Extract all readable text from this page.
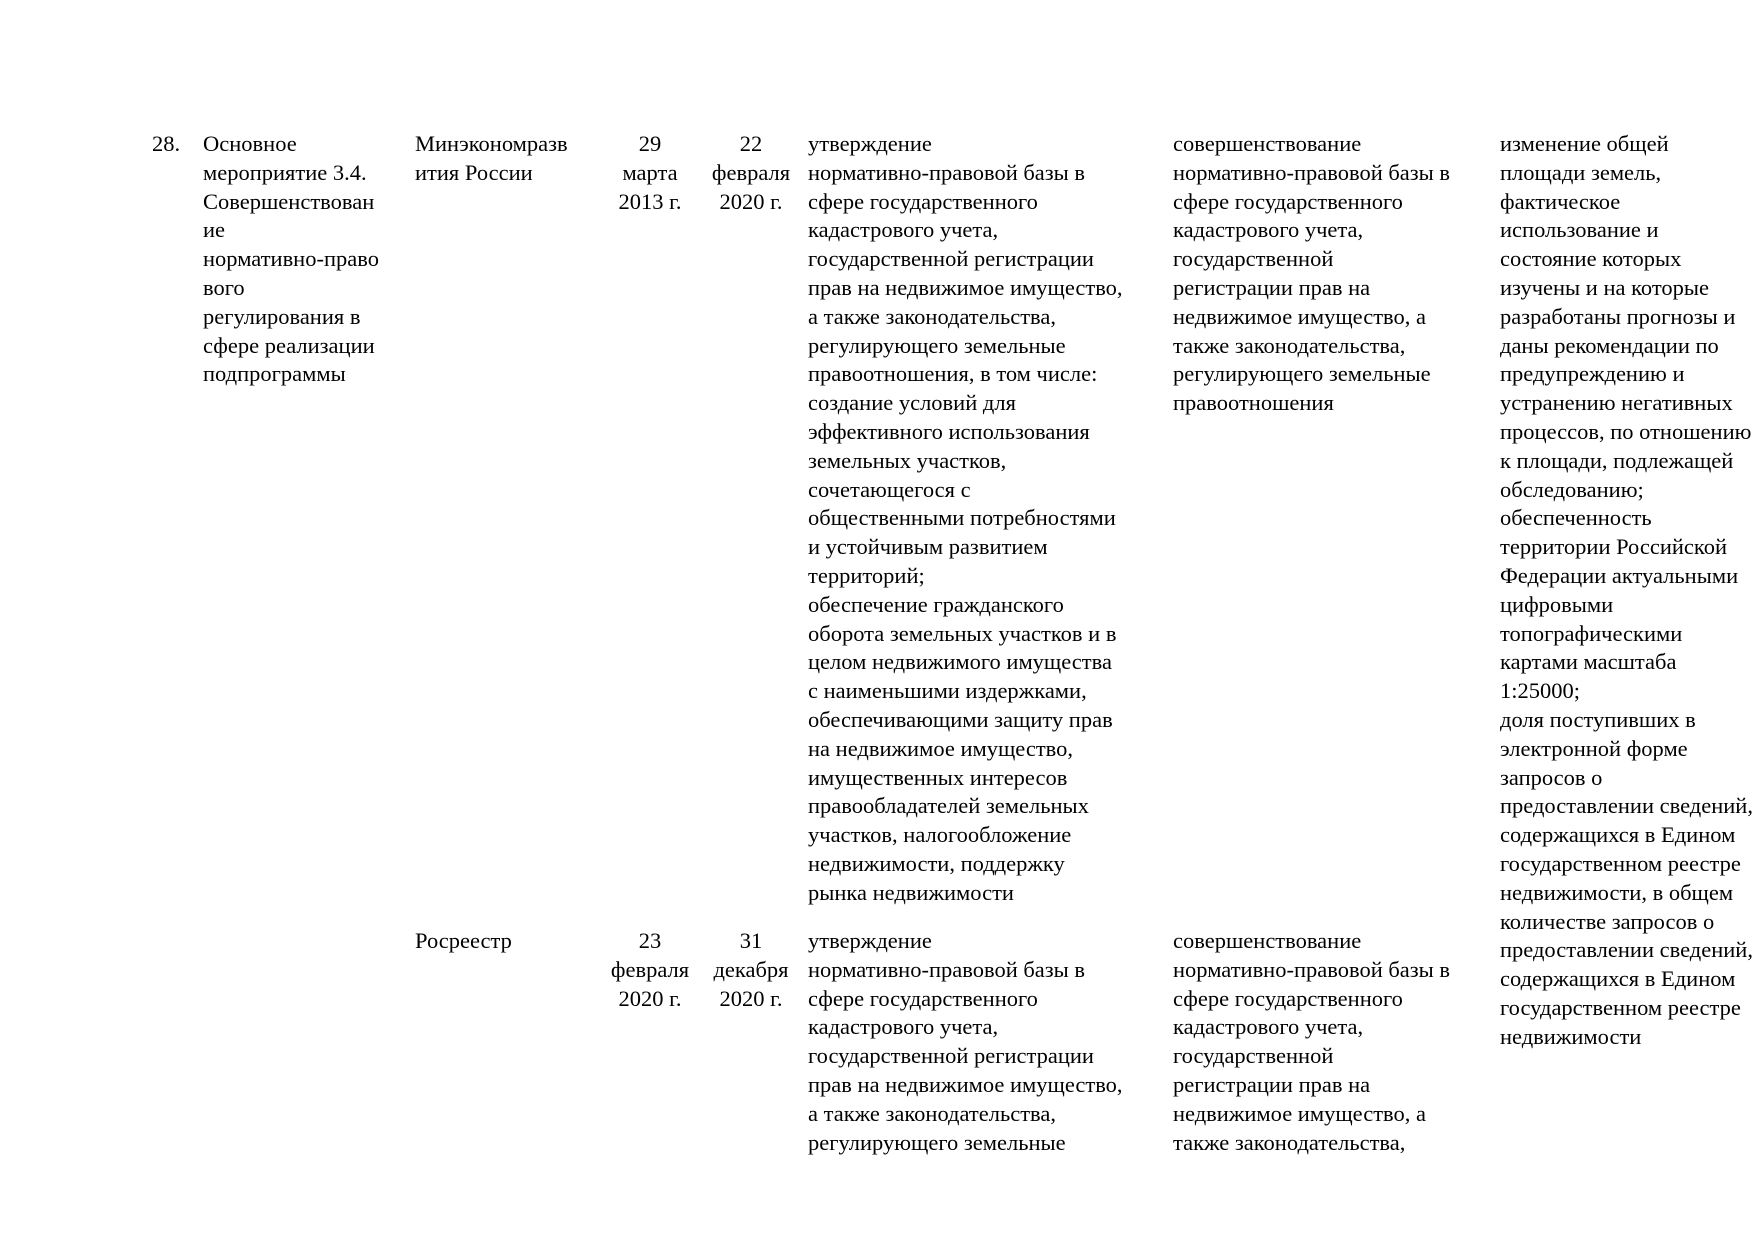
28. Основное
мероприятие 3.4.
Совершенствован
ие
нормативно-право
вого
регулирования в
сфере реализации
подпрограммы
изменение общей
площади земель,
фактическое
использование и
состояние которых
изучены и на которые
разработаны прогнозы и
даны рекомендации по
предупреждению и
устранению негативных
процессов, по отношению
к площади, подлежащей
обследованию;
обеспеченность
территории Российской
Федерации актуальными
цифровыми
топографическими
картами масштаба
1:25000;
доля поступивших в
электронной форме
запросов о
предоставлении сведений,
содержащихся в Едином
государственном реестре
недвижимости, в общем
количестве запросов о
предоставлении сведений,
содержащихся в Едином
государственном реестре
недвижимости
Минэкономразв
ития России
29
марта
2013 г.
22
февраля
2020 г.
утверждение
нормативно-правовой базы в
сфере государственного
кадастрового учета,
государственной регистрации
прав на недвижимое имущество,
а также законодательства,
регулирующего земельные
правоотношения, в том числе:
создание условий для
эффективного использования
земельных участков,
сочетающегося с
общественными потребностями
и устойчивым развитием
территорий;
обеспечение гражданского
оборота земельных участков и в
целом недвижимого имущества
с наименьшими издержками,
обеспечивающими защиту прав
на недвижимое имущество,
имущественных интересов
правообладателей земельных
участков, налогообложение
недвижимости, поддержку
рынка недвижимости
совершенствование
нормативно-правовой базы в
сфере государственного
кадастрового учета,
государственной
регистрации прав на
недвижимое имущество, а
также законодательства,
регулирующего земельные
правоотношения
Росреестр	23
февраля
2020 г.
31
декабря
2020 г.
утверждение
нормативно-правовой базы в
сфере государственного
кадастрового учета,
государственной регистрации
прав на недвижимое имущество,
а также законодательства,
регулирующего земельные
совершенствование
нормативно-правовой базы в
сфере государственного
кадастрового учета,
государственной
регистрации прав на
недвижимое имущество, а
также законодательства,
